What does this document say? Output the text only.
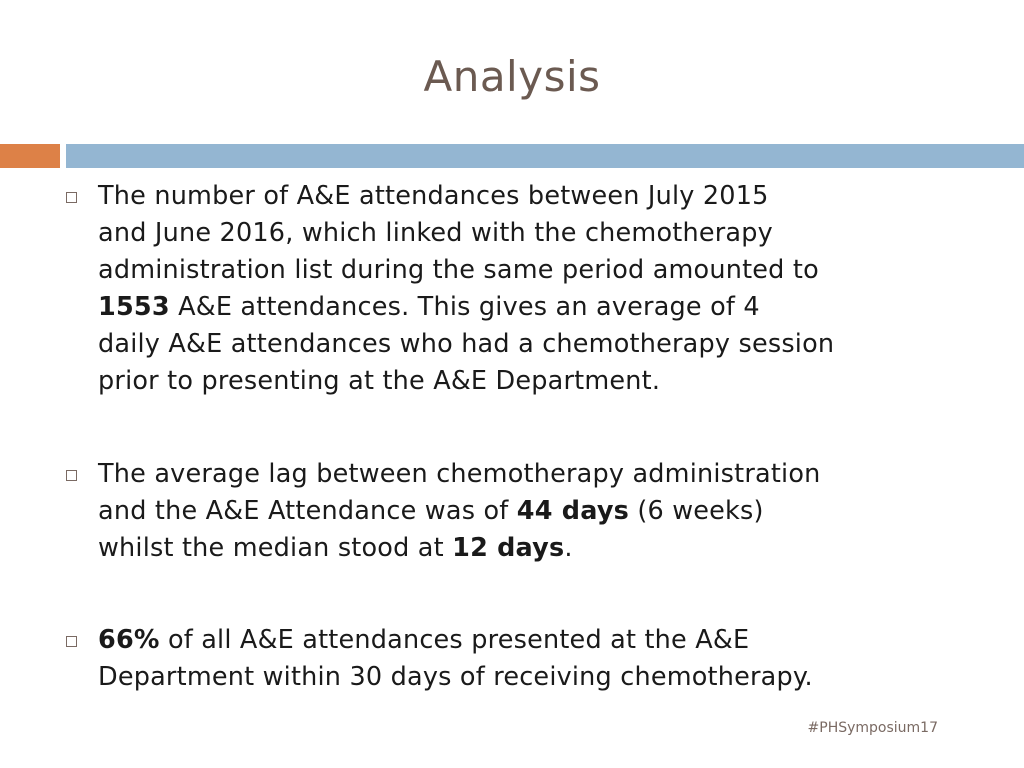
Analysis
The number of A&E attendances between July 2015
and June 2016, which linked with the chemotherapy
administration list during the same period amounted to
1553 A&E attendances. This gives an average of 4
daily A&E attendances who had a chemotherapy session
prior to presenting at the A&E Department.
The average lag between chemotherapy administration
and the A&E Attendance was of 44 days (6 weeks)
whilst the median stood at 12 days.
66% of all A&E attendances presented at the A&E
Department within 30 days of receiving chemotherapy.
#PHSymposium17
